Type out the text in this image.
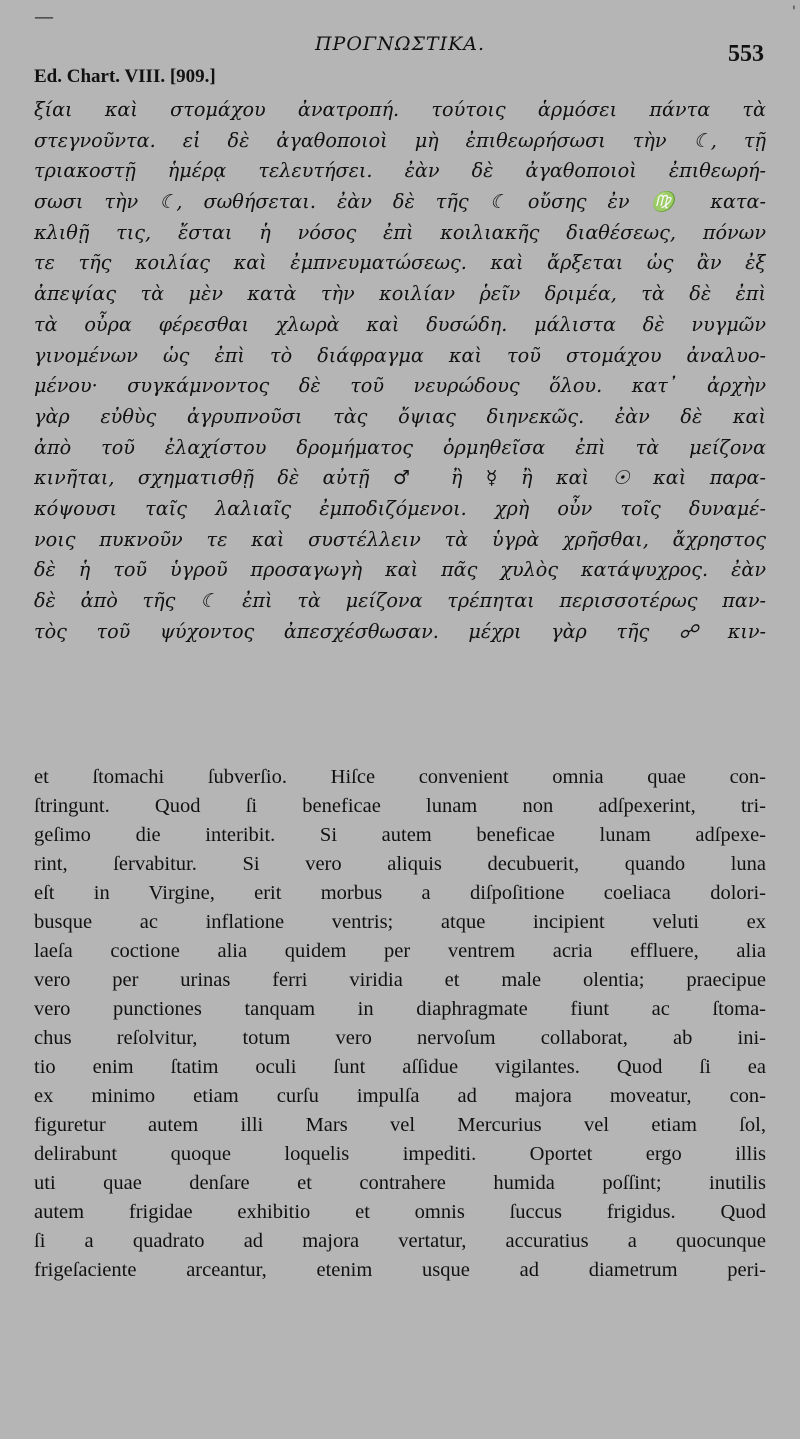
—	'
ΠΡΟΓΝΩΣΤΙΚΑ.	553
Ed. Chart. VIII. [909.]
ξίαι καὶ στομάχου ἀνατροπή. τούτοις ἁρμόσει πάντα τὰ
στεγνοῦντα. εἰ δὲ ἀγαθοποιοὶ μὴ ἐπιθεωρήσωσι τὴν ☾, τῇ
τριακοστῇ ἡμέρᾳ τελευτήσει. ἐὰν δὲ ἀγαθοποιοὶ ἐπιθεωρή-
σωσι τὴν ☾, σωθήσεται. ἐὰν δὲ τῆς ☾ οὔσης ἐν ♍ κατα-
κλιθῇ τις, ἔσται ἡ νόσος ἐπὶ κοιλιακῆς διαθέσεως, πόνων
τε τῆς κοιλίας καὶ ἐμπνευματώσεως. καὶ ἄρξεται ὡς ἂν ἐξ
ἀπεψίας τὰ μὲν κατὰ τὴν κοιλίαν ῥεῖν δριμέα, τὰ δὲ ἐπὶ
τὰ οὖρα φέρεσθαι χλωρὰ καὶ δυσώδη. μάλιστα δὲ νυγμῶν
γινομένων ὡς ἐπὶ τὸ διάφραγμα καὶ τοῦ στομάχου ἀναλυο-
μένου· συγκάμνοντος δὲ τοῦ νευρώδους ὅλου. κατ᾽ ἀρχὴν
γὰρ εὐθὺς ἀγρυπνοῦσι τὰς ὄψιας διηνεκῶς. ἐὰν δὲ καὶ
ἀπὸ τοῦ ἐλαχίστου δρομήματος ὁρμηθεῖσα ἐπὶ τὰ μείζονα
κινῆται, σχηματισθῇ δὲ αὐτῇ ♂ ἢ ☿ ἢ καὶ ☉ καὶ παρα-
κόψουσι ταῖς λαλιαῖς ἐμποδιζόμενοι. χρὴ οὖν τοῖς δυναμέ-
νοις πυκνοῦν τε καὶ συστέλλειν τὰ ὑγρὰ χρῆσθαι, ἄχρηστος
δὲ ἡ τοῦ ὑγροῦ προσαγωγὴ καὶ πᾶς χυλὸς κατάψυχρος. ἐὰν
δὲ ἀπὸ τῆς ☾ ἐπὶ τὰ μείζονα τρέπηται περισσοτέρως παν-
τὸς τοῦ ψύχοντος ἀπεσχέσθωσαν. μέχρι γὰρ τῆς ☍ κιν-
et ſtomachi ſubverſio. Hiſce convenient omnia quae con-
ſtringunt. Quod ſi beneficae lunam non adſpexerint, tri-
geſimo die interibit. Si autem beneficae lunam adſpexe-
rint, ſervabitur. Si vero aliquis decubuerit, quando luna
eſt in Virgine, erit morbus a diſpoſitione coeliaca dolori-
busque ac inflatione ventris; atque incipient veluti ex
laeſa coctione alia quidem per ventrem acria effluere, alia
vero per urinas ferri viridia et male olentia; praecipue
vero punctiones tanquam in diaphragmate fiunt ac ſtoma-
chus reſolvitur, totum vero nervoſum collaborat, ab ini-
tio enim ſtatim oculi ſunt aſſidue vigilantes. Quod ſi ea
ex minimo etiam curſu impulſa ad majora moveatur, con-
figuretur autem illi Mars vel Mercurius vel etiam ſol,
delirabunt quoque loquelis impediti. Oportet ergo illis
uti quae denſare et contrahere humida poſſint; inutilis
autem frigidae exhibitio et omnis ſuccus frigidus. Quod
ſi a quadrato ad majora vertatur, accuratius a quocunque
frigeſaciente arceantur, etenim usque ad diametrum peri-
